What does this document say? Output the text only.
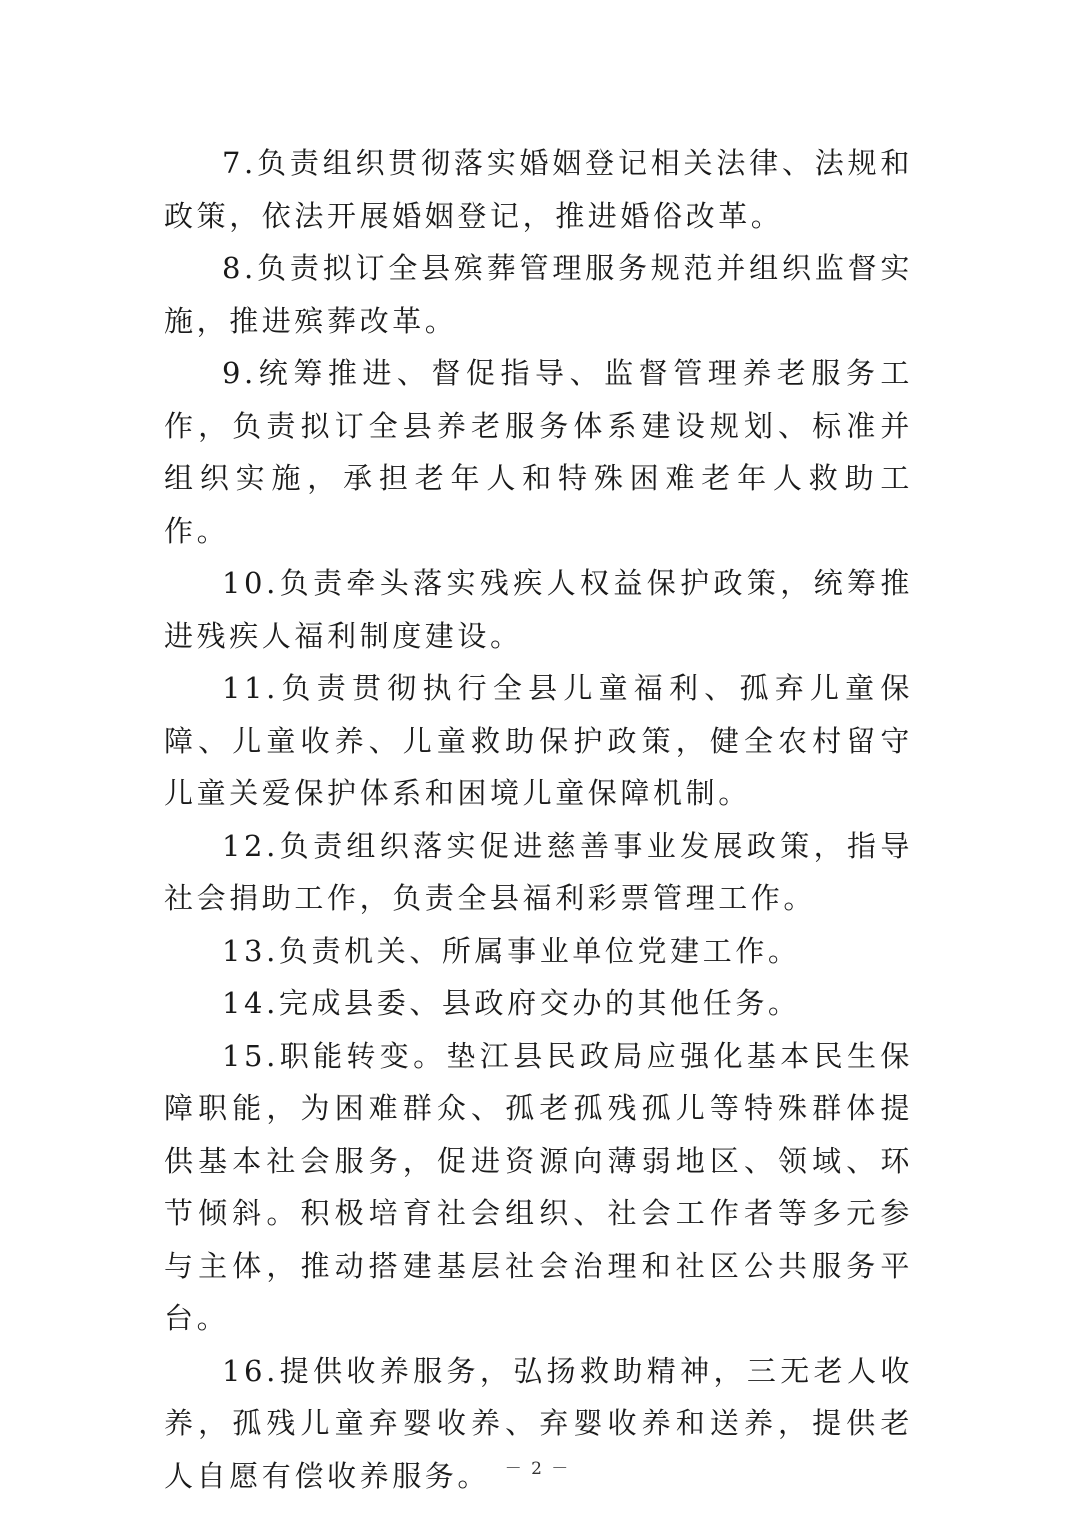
7.负责组织贯彻落实婚姻登记相关法律、法规和政策，依法开展婚姻登记，推进婚俗改革。

8.负责拟订全县殡葬管理服务规范并组织监督实施，推进殡葬改革。

9.统筹推进、督促指导、监督管理养老服务工作，负责拟订全县养老服务体系建设规划、标准并组织实施，承担老年人和特殊困难老年人救助工作。

10.负责牵头落实残疾人权益保护政策，统筹推进残疾人福利制度建设。

11.负责贯彻执行全县儿童福利、孤弃儿童保障、儿童收养、儿童救助保护政策，健全农村留守儿童关爱保护体系和困境儿童保障机制。

12.负责组织落实促进慈善事业发展政策，指导社会捐助工作，负责全县福利彩票管理工作。

13.负责机关、所属事业单位党建工作。

14.完成县委、县政府交办的其他任务。

15.职能转变。垫江县民政局应强化基本民生保障职能，为困难群众、孤老孤残孤儿等特殊群体提供基本社会服务，促进资源向薄弱地区、领域、环节倾斜。积极培育社会组织、社会工作者等多元参与主体，推动搭建基层社会治理和社区公共服务平台。

16.提供收养服务，弘扬救助精神，三无老人收养，孤残儿童弃婴收养、弃婴收养和送养，提供老人自愿有偿收养服务。 － 2 －
